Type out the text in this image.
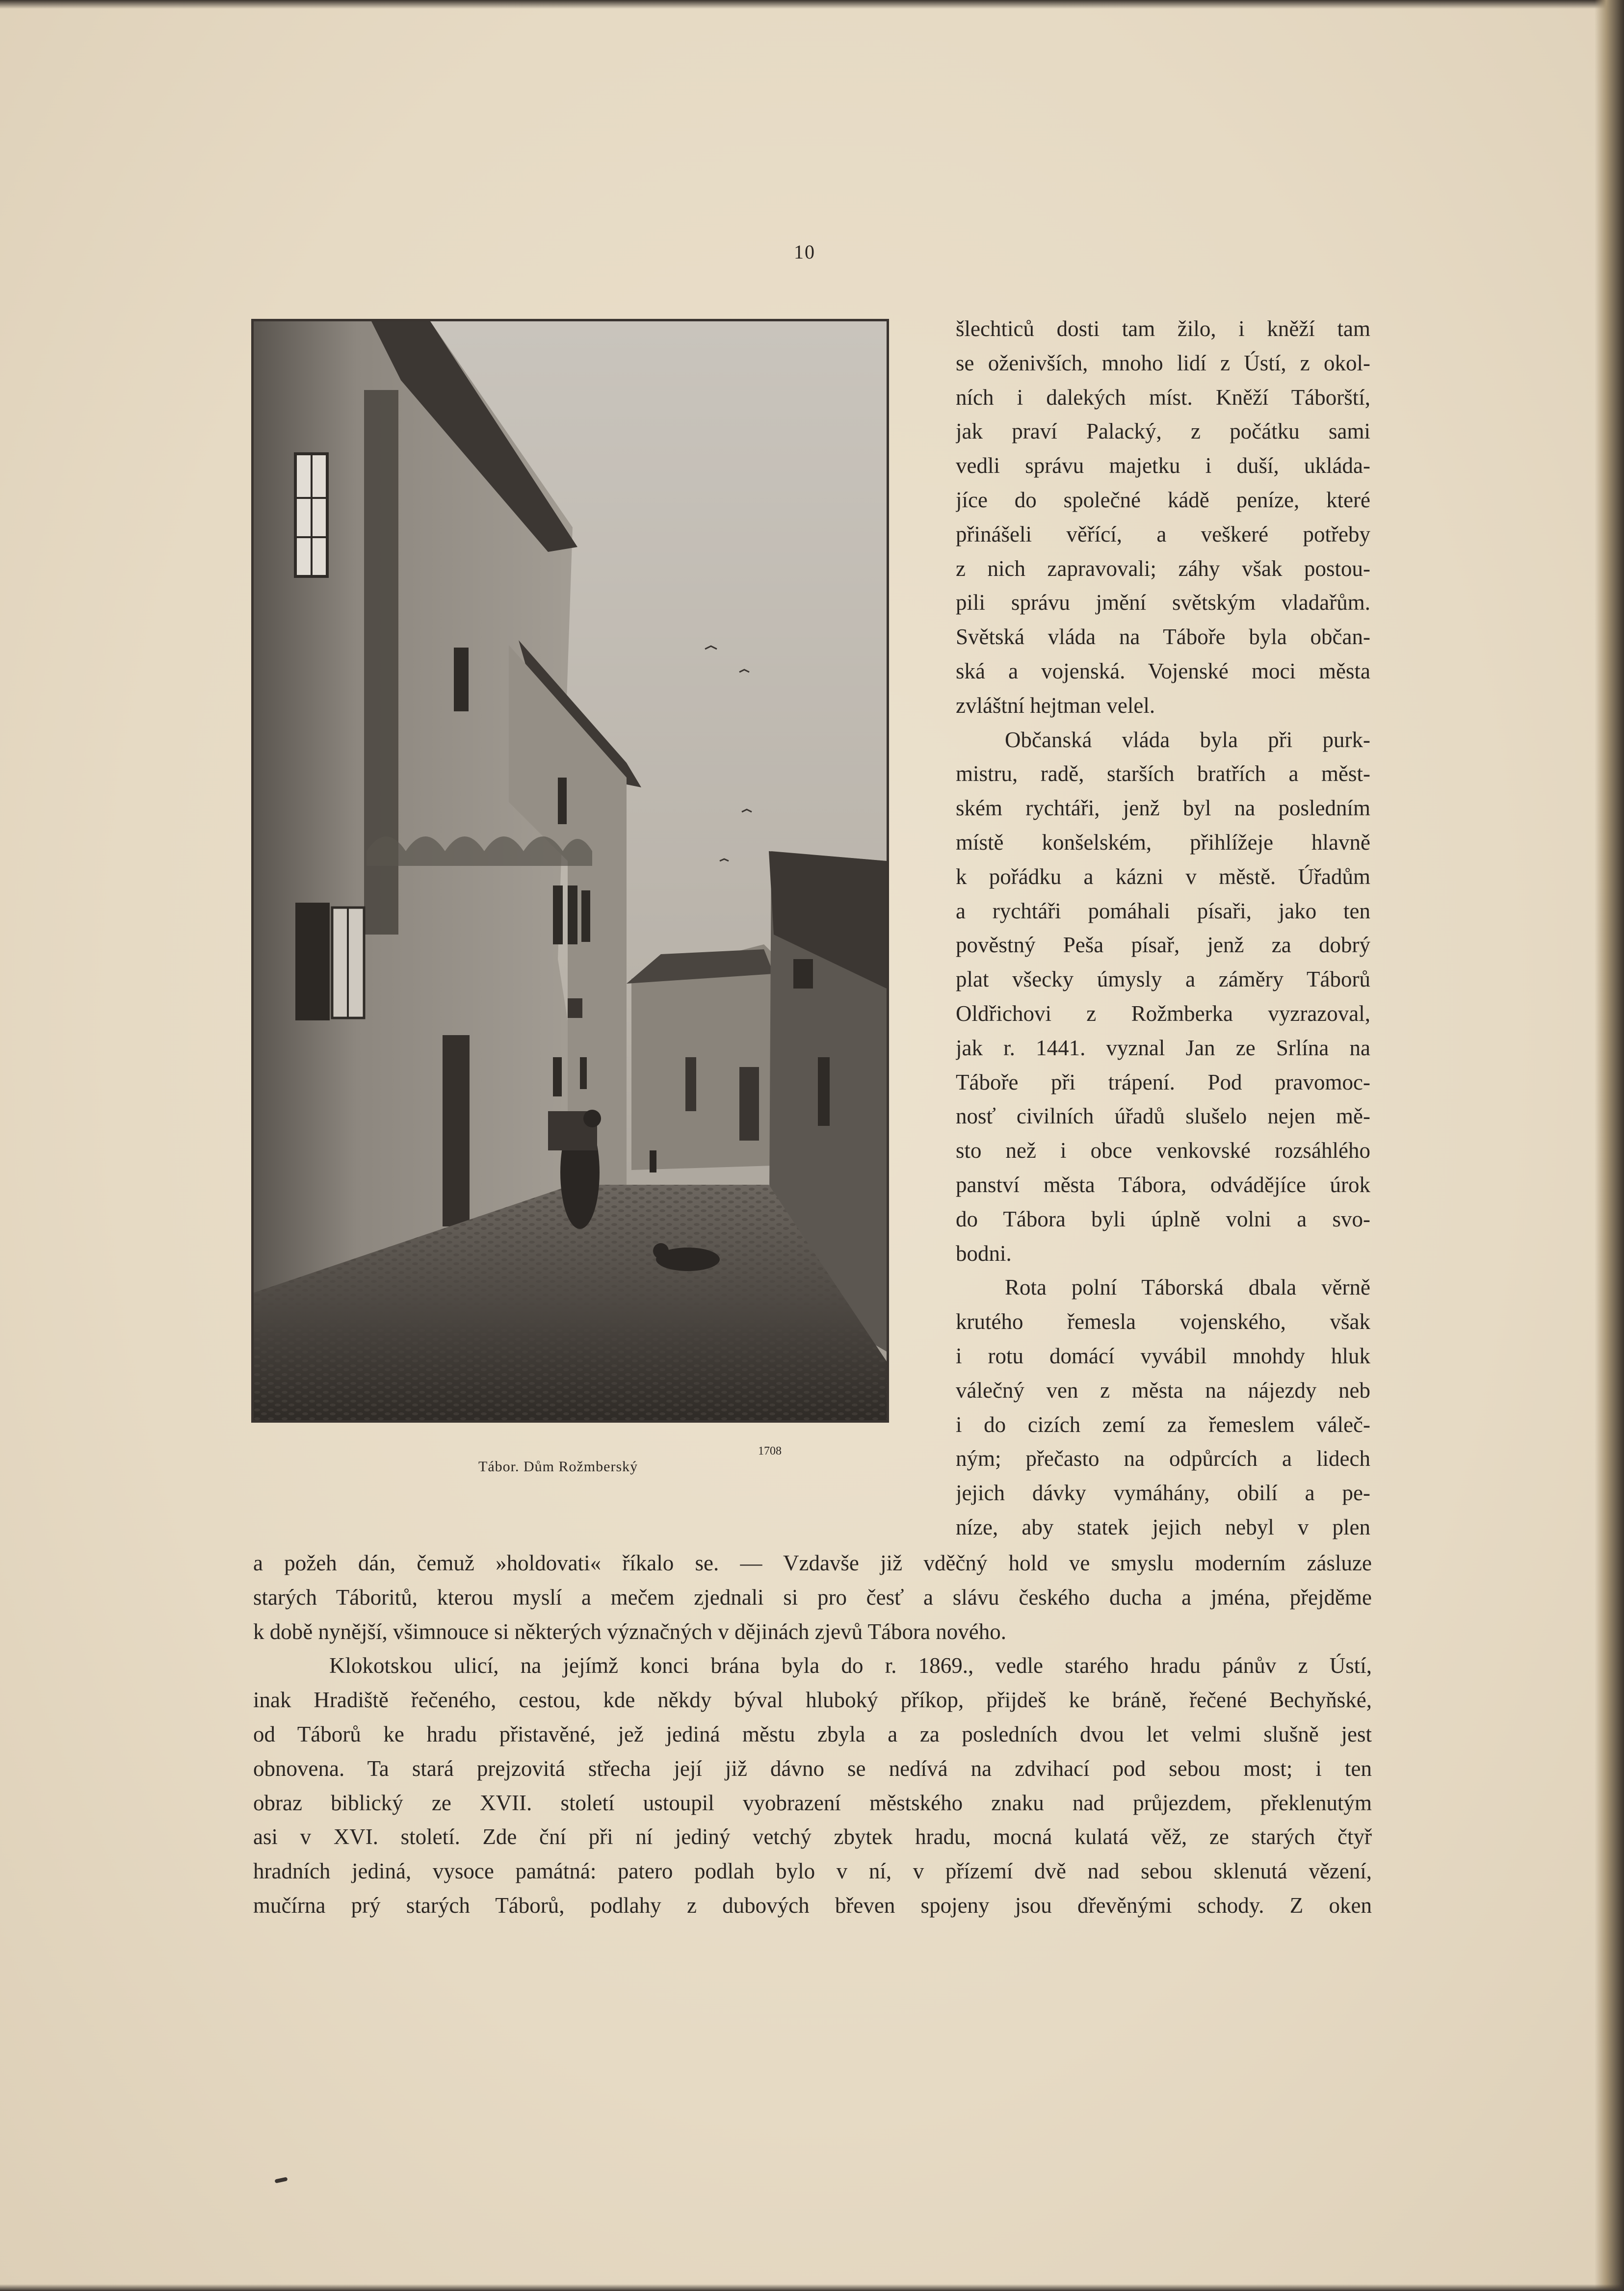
10
Tábor. Dům Rožmberský
1708

šlechticů dosti tam žilo, i kněží tam
se oženivších, mnoho lidí z Ústí, z okol-
ních i dalekých míst. Kněží Táborští,
jak praví Palacký, z počátku sami
vedli správu majetku i duší, ukláda-
jíce do společné kádě peníze, které
přinášeli věřící, a veškeré potřeby
z nich zapravovali; záhy však postou-
pili správu jmění světským vladařům.
Světská vláda na Táboře byla občan-
ská a vojenská. Vojenské moci města
zvláštní hejtman velel.

Občanská vláda byla při purk-
mistru, radě, starších bratřích a měst-
ském rychtáři, jenž byl na posledním
místě konšelském, přihlížeje hlavně
k pořádku a kázni v městě. Úřadům
a rychtáři pomáhali písaři, jako ten
pověstný Peša písař, jenž za dobrý
plat všecky úmysly a záměry Táborů
Oldřichovi z Rožmberka vyzrazoval,
jak r. 1441. vyznal Jan ze Srlína na
Táboře při trápení. Pod pravomoc-
nosť civilních úřadů slušelo nejen mě-
sto než i obce venkovské rozsáhlého
panství města Tábora, odvádějíce úrok
do Tábora byli úplně volni a svo-
bodni.

Rota polní Táborská dbala věrně
krutého řemesla vojenského, však
i rotu domácí vyvábil mnohdy hluk
válečný ven z města na nájezdy neb
i do cizích zemí za řemeslem váleč-
ným; přečasto na odpůrcích a lidech
jejich dávky vymáhány, obilí a pe-
níze, aby statek jejich nebyl v plen

a požeh dán, čemuž »holdovati« říkalo se. — Vzdavše již vděčný hold ve smyslu moderním zásluze
starých Táboritů, kterou myslí a mečem zjednali si pro česť a slávu českého ducha a jména, přejděme
k době nynější, všimnouce si některých význačných v dějinách zjevů Tábora nového.

Klokotskou ulicí, na jejímž konci brána byla do r. 1869., vedle starého hradu pánův z Ústí,
inak Hradiště řečeného, cestou, kde někdy býval hluboký příkop, přijdeš ke bráně, řečené Bechyňské,
od Táborů ke hradu přistavěné, jež jediná městu zbyla a za posledních dvou let velmi slušně jest
obnovena. Ta stará prejzovitá střecha její již dávno se nedívá na zdvihací pod sebou most; i ten
obraz biblický ze XVII. století ustoupil vyobrazení městského znaku nad průjezdem, překlenutým
asi v XVI. století. Zde ční při ní jediný vetchý zbytek hradu, mocná kulatá věž, ze starých čtyř
hradních jediná, vysoce památná: patero podlah bylo v ní, v přízemí dvě nad sebou sklenutá vězení,
mučírna prý starých Táborů, podlahy z dubových břeven spojeny jsou dřevěnými schody. Z oken
